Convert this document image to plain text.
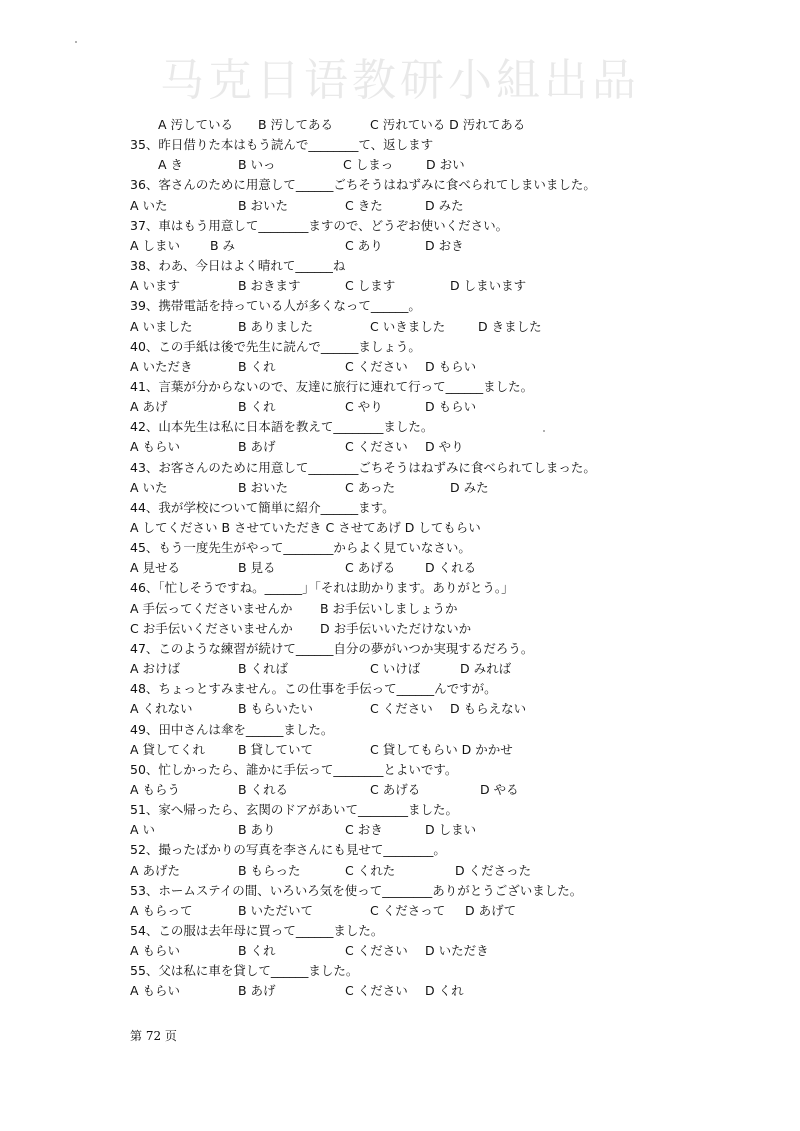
马克日语教研小組出品
A 汚している B 汚してある	C 汚れている D 汚れてある
35、昨日借りた本はもう読んで________て、返します
A き	B いっ	C しまっ	D おい
36、客さんのために用意して______ごちそうはねずみに食べられてしまいました。
A いた	B おいた	C きた	D みた
37、車はもう用意して________ますので、どうぞお使いください。
A しまい B み	C あり	D おき
38、わあ、今日はよく晴れて______ね
A います	B おきます	C します	D しまいます
39、携帯電話を持っている人が多くなって______。
A いました	B ありました	C いきました	D きました
40、この手紙は後で先生に読んで______ましょう。
A いただき	B くれ	C ください D もらい
41、言葉が分からないので、友達に旅行に連れて行って______ました。
A あげ	B くれ	C やり	D もらい
42、山本先生は私に日本語を教えて________ました。
A もらい	B あげ	C ください D やり
43、お客さんのために用意して________ごちそうはねずみに食べられてしまった。
A いた	B おいた	C あった	D みた
44、我が学校について簡単に紹介______ます。
A してください B させていただき C させてあげ D してもらい
45、もう一度先生がやって________からよく見ていなさい。
A 見せる	B 見る	C あげる D くれる
46、「忙しそうですね。______」「それは助かります。ありがとう。」
A 手伝ってくださいませんか B お手伝いしましょうか
C お手伝いくださいませんか D お手伝いいただけないか
47、このような練習が続けて______自分の夢がいつか実現するだろう。
A おけば	B くれば	C いけば	D みれば
48、ちょっとすみません。この仕事を手伝って______んですが。
A くれない	B もらいたい	C ください D もらえない
49、田中さんは傘を______ました。
A 貸してくれ	B 貸していて	C 貸してもらい D かかせ
50、忙しかったら、誰かに手伝って________とよいです。
A もらう	B くれる	C あげる	D やる
51、家へ帰ったら、玄関のドアがあいて________ました。
A い	B あり	C おき	D しまい
52、撮ったばかりの写真を李さんにも見せて________。
A あげた	B もらった	C くれた	D くださった
53、ホームステイの間、いろいろ気を使って________ありがとうございました。
A もらって	B いただいて	C くださって D あげて
54、この服は去年母に買って______ました。
A もらい	B くれ	C ください D いただき
55、父は私に車を貸して______ました。
A もらい	B あげ	C ください D くれ
第 72 页
